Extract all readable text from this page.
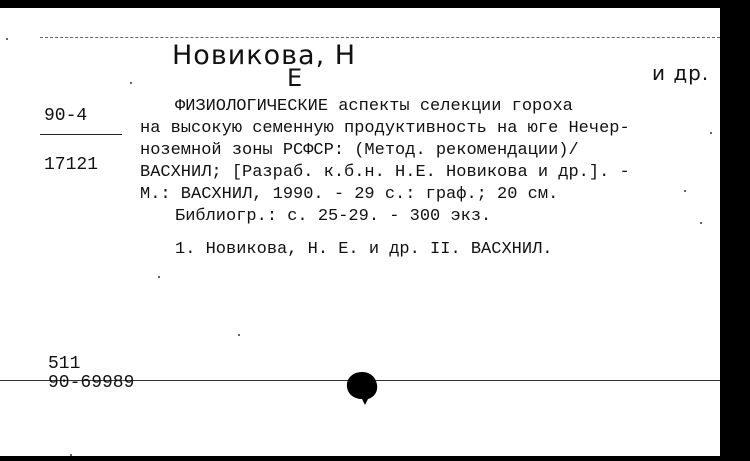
Новикова, Н
Е	и др.
90-4
17121
ФИЗИОЛОГИЧЕСКИЕ аспекты селекции гороха
на высокую семенную продуктивность на юге Нечер-
ноземной зоны РСФСР: (Метод. рекомендации)/
ВАСХНИЛ; [Разраб. к.б.н. Н.Е. Новикова и др.]. -
М.: ВАСХНИЛ, 1990. - 29 с.: граф.; 20 см.
Библиогр.: с. 25-29. - 300 экз.
1. Новикова, Н. Е. и др. II. ВАСХНИЛ.
511
90-69989
